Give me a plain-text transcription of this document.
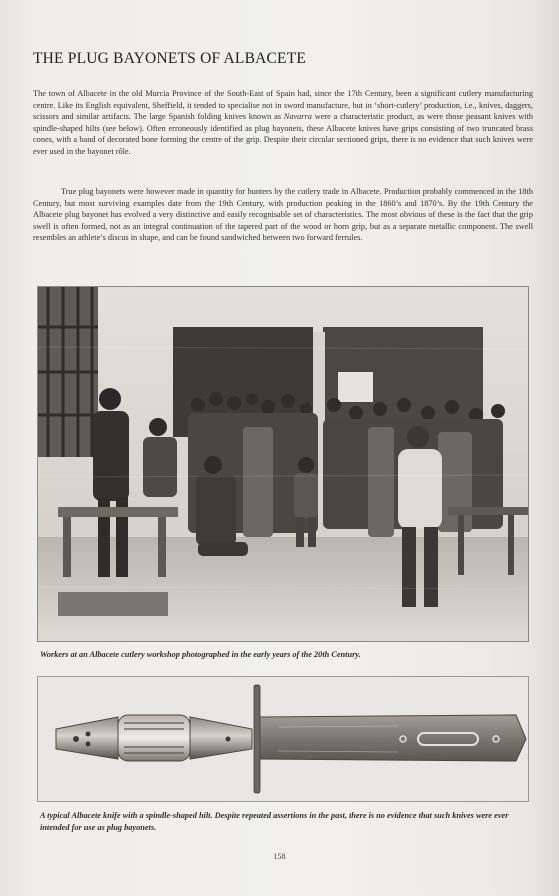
THE PLUG BAYONETS OF ALBACETE

The town of Albacete in the old Murcia Province of the South-East of Spain had, since the 17th Century, been a significant cutlery manufacturing centre. Like its English equivalent, Sheffield, it tended to specialise not in sword manufacture, but in ‘short-cutlery’ production, i.e., knives, daggers, scissors and similar artifacts. The large Spanish folding knives known as Navarra were a characteristic product, as were those peasant knives with spindle-shaped hilts (see below). Often erroneously identified as plug bayonets, these Albacete knives have grips consisting of two truncated brass cones, with a band of decorated bone forming the centre of the grip. Despite their circular sectioned grips, there is no evidence that such knives were ever used in the bayonet rôle.

True plug bayonets were however made in quantity for hunters by the cutlery trade in Albacete. Production probably commenced in the 18th Century, but most surviving examples date from the 19th Century, with production peaking in the 1860’s and 1870’s. By the 19th Century the Albacete plug bayonet has evolved a very distinctive and easily recognisable set of characteristics. The most obvious of these is the fact that the grip swell is often formed, not as an integral continuation of the tapered part of the wood or horn grip, but as a separate metallic component. The swell resembles an athlete’s discus in shape, and can be found sandwiched between two forward ferrules.

Workers at an Albacete cutlery workshop photographed in the early years of the 20th Century.

A typical Albacete knife with a spindle-shaped hilt. Despite repeated assertions in the past, there is no evidence that such knives were ever intended for use as plug bayonets.

158
